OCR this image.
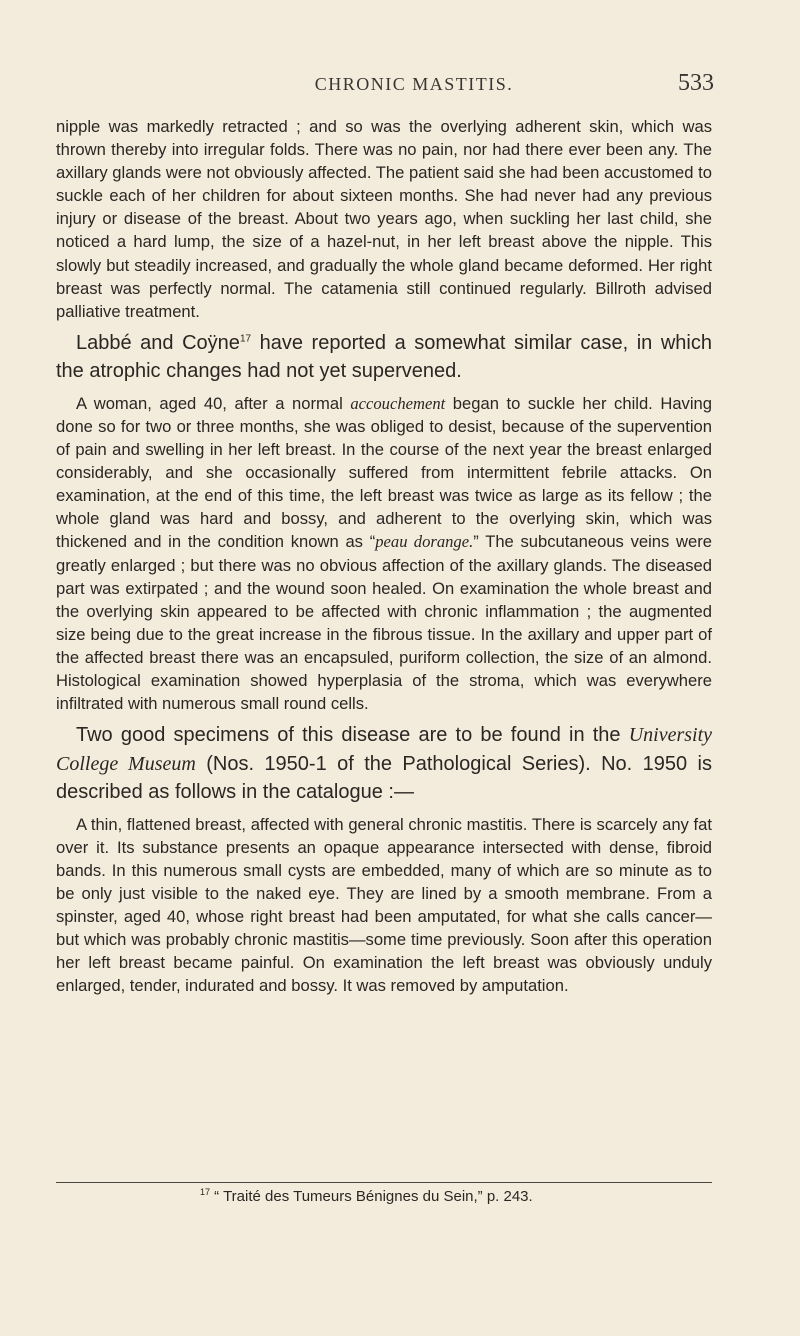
CHRONIC MASTITIS.	533

nipple was markedly retracted ; and so was the overlying adherent skin, which was thrown thereby into irregular folds. There was no pain, nor had there ever been any. The axillary glands were not obviously affected. The patient said she had been accustomed to suckle each of her children for about sixteen months. She had never had any previous injury or disease of the breast. About two years ago, when suckling her last child, she noticed a hard lump, the size of a hazel-nut, in her left breast above the nipple. This slowly but steadily increased, and gradually the whole gland became deformed. Her right breast was perfectly normal. The catamenia still continued regularly. Billroth advised palliative treatment.

Labbé and Coÿne$^{17}$ have reported a somewhat similar case, in which the atrophic changes had not yet supervened.

A woman, aged 40, after a normal accouchement began to suckle her child. Having done so for two or three months, she was obliged to desist, because of the supervention of pain and swelling in her left breast. In the course of the next year the breast enlarged considerably, and she occasionally suffered from intermittent febrile attacks. On examination, at the end of this time, the left breast was twice as large as its fellow ; the whole gland was hard and bossy, and adherent to the overlying skin, which was thickened and in the condition known as “peau dorange.” The subcutaneous veins were greatly enlarged ; but there was no obvious affection of the axillary glands. The diseased part was extirpated ; and the wound soon healed. On examination the whole breast and the overlying skin appeared to be affected with chronic inflammation ; the augmented size being due to the great increase in the fibrous tissue. In the axillary and upper part of the affected breast there was an encapsuled, puriform collection, the size of an almond. Histological examination showed hyperplasia of the stroma, which was everywhere infiltrated with numerous small round cells.

Two good specimens of this disease are to be found in the University College Museum (Nos. 1950-1 of the Pathological Series). No. 1950 is described as follows in the catalogue :—

A thin, flattened breast, affected with general chronic mastitis. There is scarcely any fat over it. Its substance presents an opaque appearance intersected with dense, fibroid bands. In this numerous small cysts are embedded, many of which are so minute as to be only just visible to the naked eye. They are lined by a smooth membrane. From a spinster, aged 40, whose right breast had been amputated, for what she calls cancer—but which was probably chronic mastitis—some time previously. Soon after this operation her left breast became painful. On examination the left breast was obviously unduly enlarged, tender, indurated and bossy. It was removed by amputation.

$^{17}$ “ Traité des Tumeurs Bénignes du Sein,” p. 243.
